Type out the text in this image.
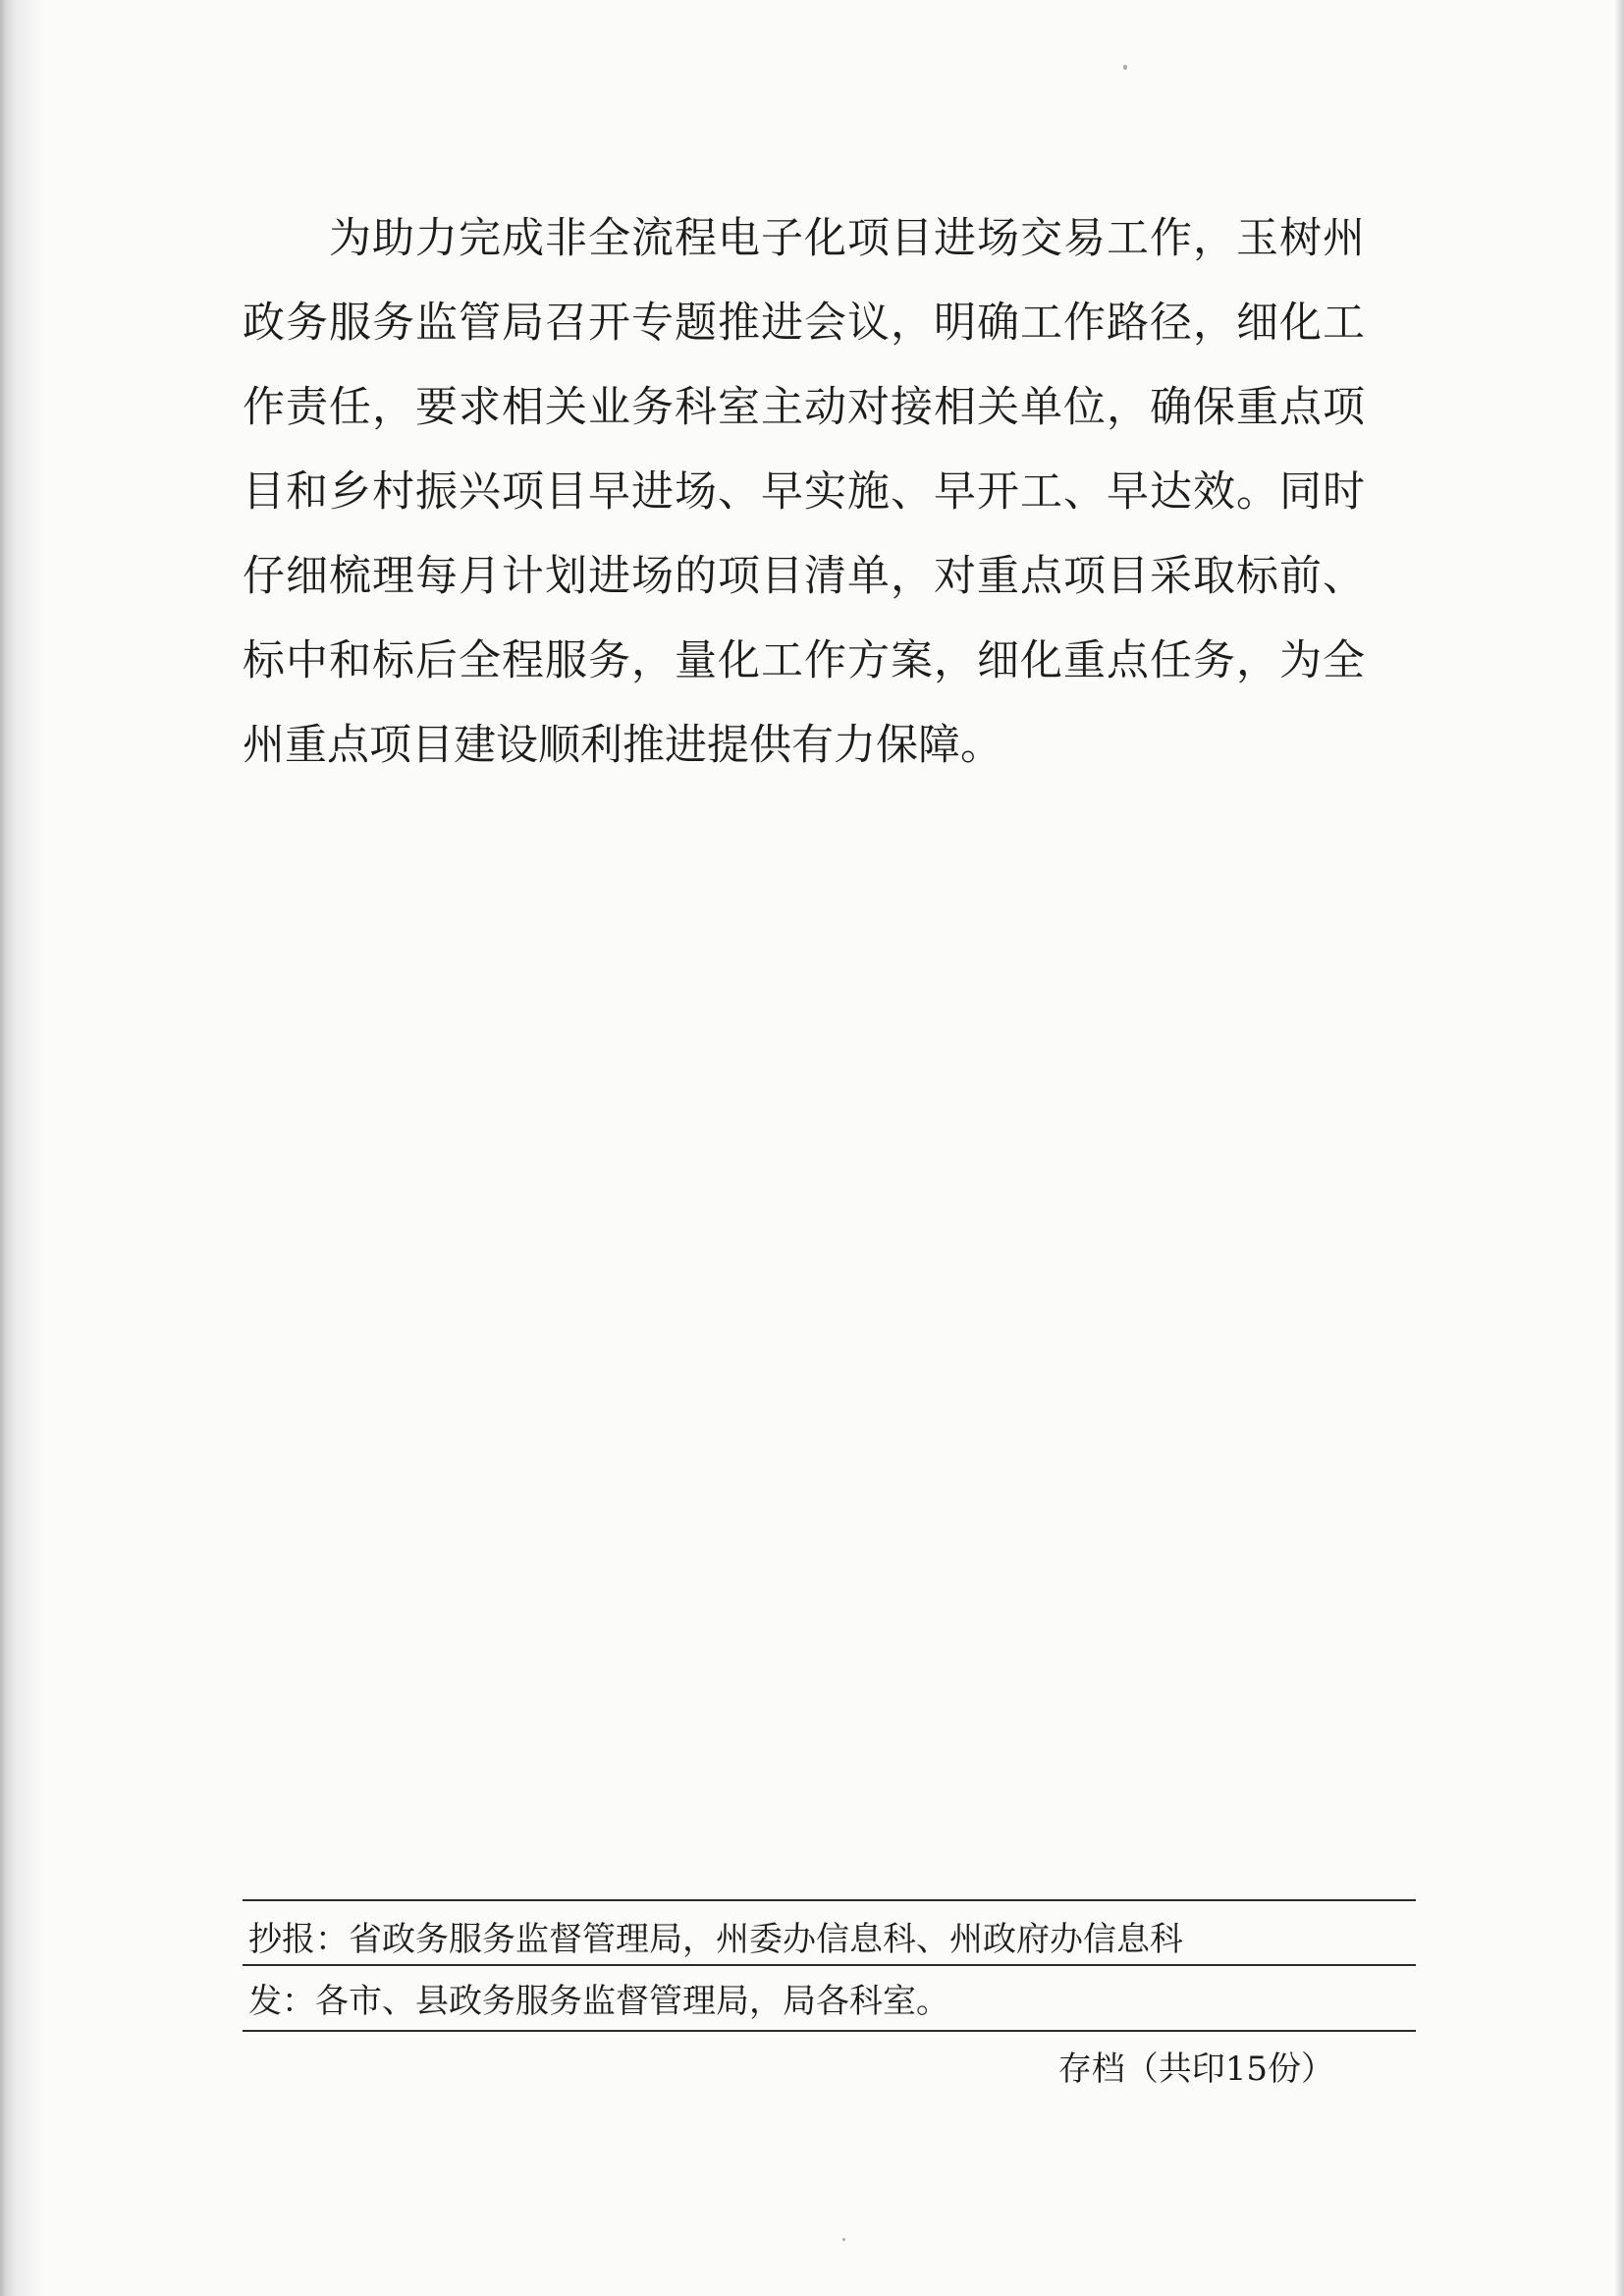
为助力完成非全流程电子化项目进场交易工作，玉树州
政务服务监管局召开专题推进会议，明确工作路径，细化工
作责任，要求相关业务科室主动对接相关单位，确保重点项
目和乡村振兴项目早进场、早实施、早开工、早达效。同时
仔细梳理每月计划进场的项目清单，对重点项目采取标前、
标中和标后全程服务，量化工作方案，细化重点任务，为全
州重点项目建设顺利推进提供有力保障。
抄报：省政务服务监督管理局，州委办信息科、州政府办信息科
发：各市、县政务服务监督管理局，局各科室。
存档（共印15份）
